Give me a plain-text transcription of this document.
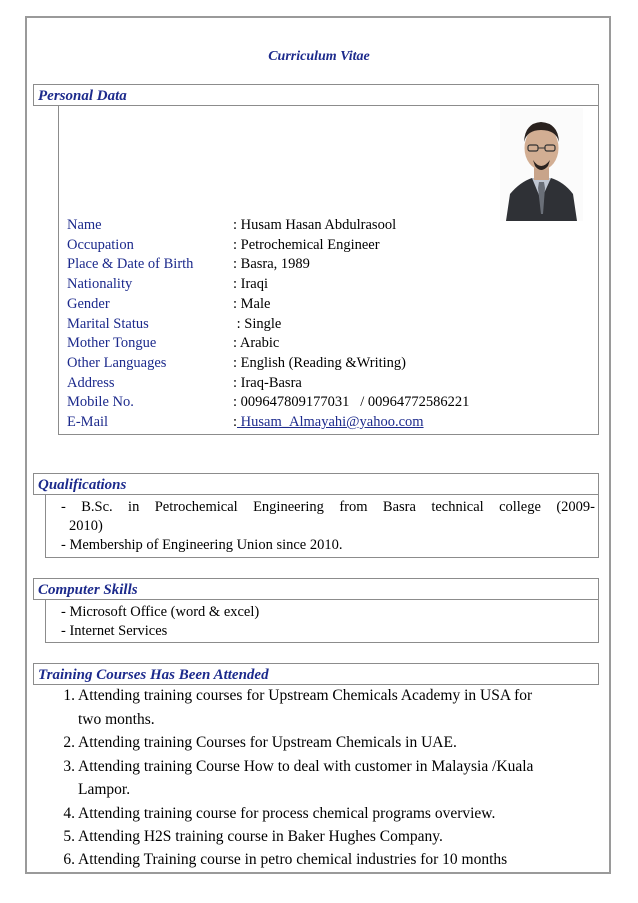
Curriculum Vitae
Personal Data
Name	: Husam Hasan Abdulrasool
Occupation	: Petrochemical Engineer
Place & Date of Birth	: Basra, 1989
Nationality	: Iraqi
Gender	: Male
Marital Status	: Single
Mother Tongue	: Arabic
Other Languages	: English (Reading &Writing)
Address	: Iraq-Basra
Mobile No.	: 009647809177031   / 00964772586221
E-Mail	: Husam_Almayahi@yahoo.com
Qualifications
- B.Sc. in Petrochemical Engineering from Basra technical college (2009-
2010)
- Membership of Engineering Union since 2010.
Computer Skills
- Microsoft Office (word & excel)
- Internet Services
Training Courses Has Been Attended
1. Attending training courses for Upstream Chemicals Academy in USA for
two months.
2. Attending training Courses for Upstream Chemicals in UAE.
3. Attending training Course How to deal with customer in Malaysia /Kuala
Lampor.
4. Attending training course for process chemical programs overview.
5. Attending H2S training course in Baker Hughes Company.
6. Attending Training course in petro chemical industries for 10 months
